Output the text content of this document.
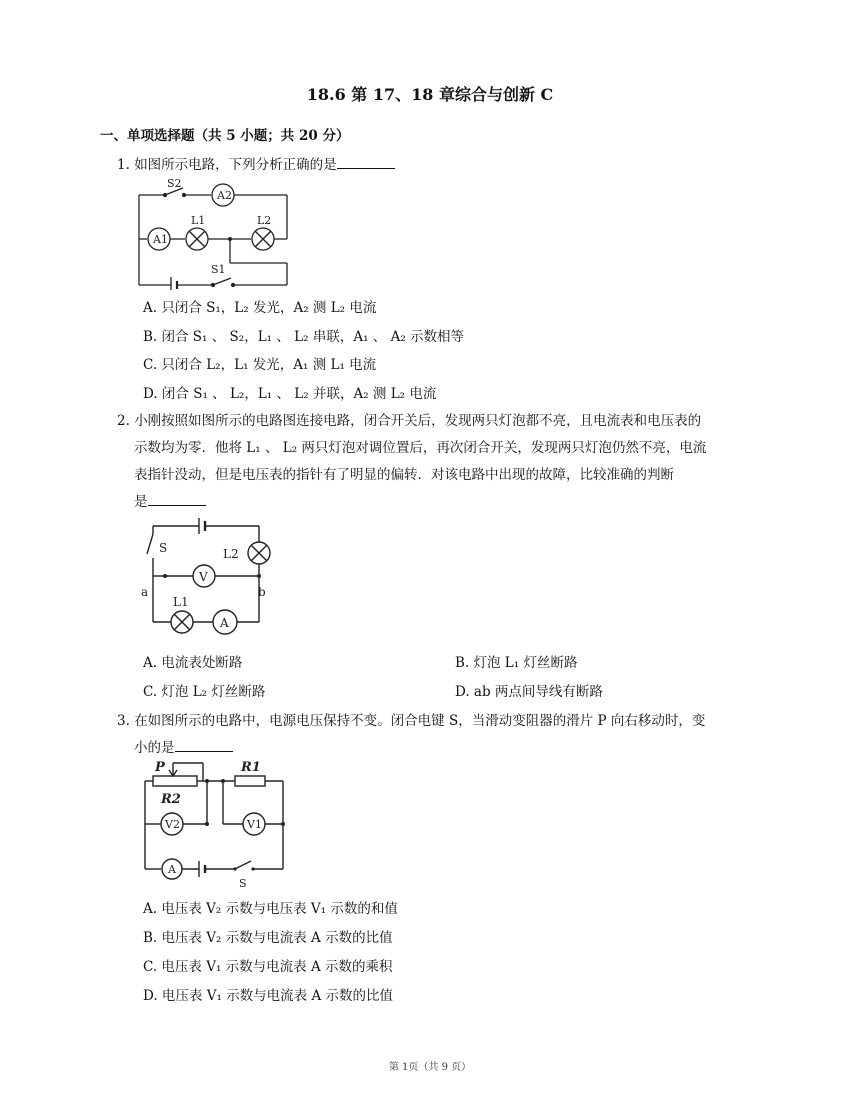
18.6 第 17、18 章综合与创新 C
一、单项选择题（共 5 小题；共 20 分）
1. 如图所示电路，下列分析正确的是
S2
A2
L1	L2
A1
S1
A. 只闭合 S₁，L₂ 发光，A₂ 测 L₂ 电流
B. 闭合 S₁ 、 S₂，L₁ 、 L₂ 串联，A₁ 、 A₂ 示数相等
C. 只闭合 L₂，L₁ 发光，A₁ 测 L₁ 电流
D. 闭合 S₁ 、 L₂，L₁ 、 L₂ 并联，A₂ 测 L₂ 电流
2. 小刚按照如图所示的电路图连接电路，闭合开关后，发现两只灯泡都不亮，且电流表和电压表的
示数均为零．他将 L₁ 、 L₂ 两只灯泡对调位置后，再次闭合开关，发现两只灯泡仍然不亮，电流
表指针没动，但是电压表的指针有了明显的偏转．对该电路中出现的故障，比较准确的判断
是
S	L2
V
a	b
L1
A
A. 电流表处断路	B. 灯泡 L₁ 灯丝断路
C. 灯泡 L₂ 灯丝断路	D. ab 两点间导线有断路
3. 在如图所示的电路中，电源电压保持不变。闭合电键 S，当滑动变阻器的滑片 P 向右移动时，变
小的是
P
R2
R1
V2	V1
A
S
A. 电压表 V₂ 示数与电压表 V₁ 示数的和值
B. 电压表 V₂ 示数与电流表 A 示数的比值
C. 电压表 V₁ 示数与电流表 A 示数的乘积
D. 电压表 V₁ 示数与电流表 A 示数的比值
第 1页（共 9 页）
